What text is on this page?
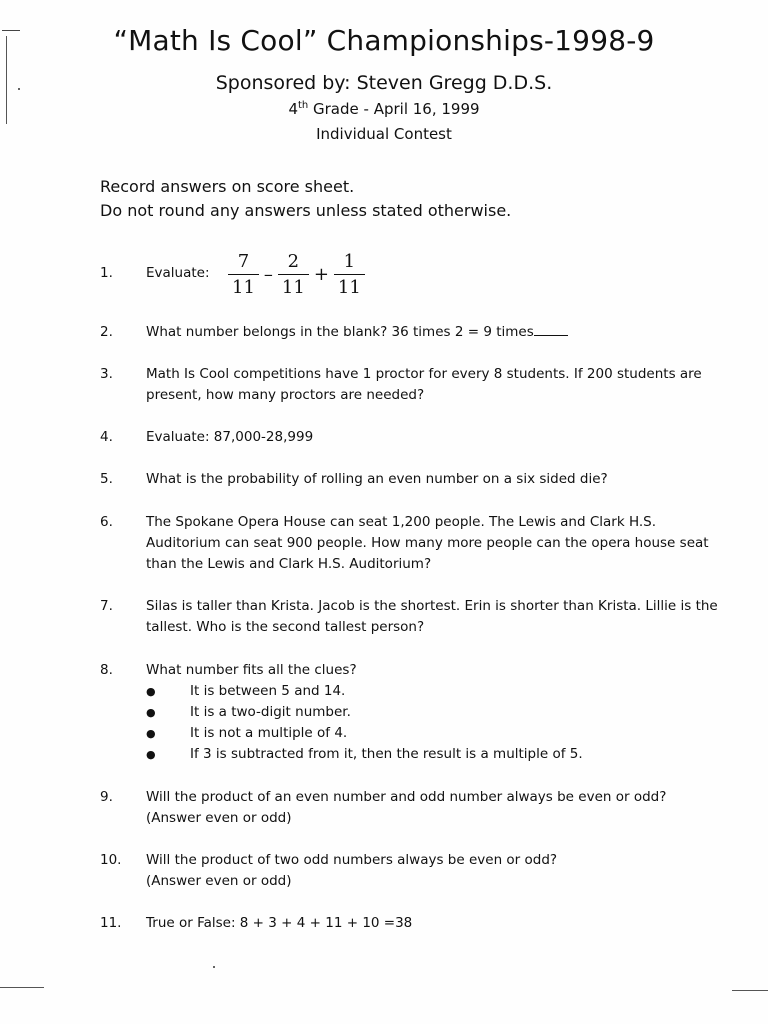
“Math Is Cool” Championships-1998-9
Sponsored by: Steven Gregg D.D.S.
4th Grade - April 16, 1999
Individual Contest
Record answers on score sheet.
Do not round any answers unless stated otherwise.
1.	Evaluate:	$\frac{7}{11} - \frac{2}{11} + \frac{1}{11}$
2.	What number belongs in the blank? 36 times 2 = 9 times
3.	Math Is Cool competitions have 1 proctor for every 8 students. If 200 students are present, how many proctors are needed?
4.	Evaluate: 87,000-28,999
5.	What is the probability of rolling an even number on a six sided die?
6.	The Spokane Opera House can seat 1,200 people. The Lewis and Clark H.S. Auditorium can seat 900 people. How many more people can the opera house seat than the Lewis and Clark H.S. Auditorium?
7.	Silas is taller than Krista. Jacob is the shortest. Erin is shorter than Krista. Lillie is the tallest. Who is the second tallest person?
8.	What number fits all the clues?
● It is between 5 and 14.
● It is a two-digit number.
● It is not a multiple of 4.
● If 3 is subtracted from it, then the result is a multiple of 5.
9.	Will the product of an even number and odd number always be even or odd?
(Answer even or odd)
10.	Will the product of two odd numbers always be even or odd?
(Answer even or odd)
11.	True or False: 8 + 3 + 4 + 11 + 10 =38
